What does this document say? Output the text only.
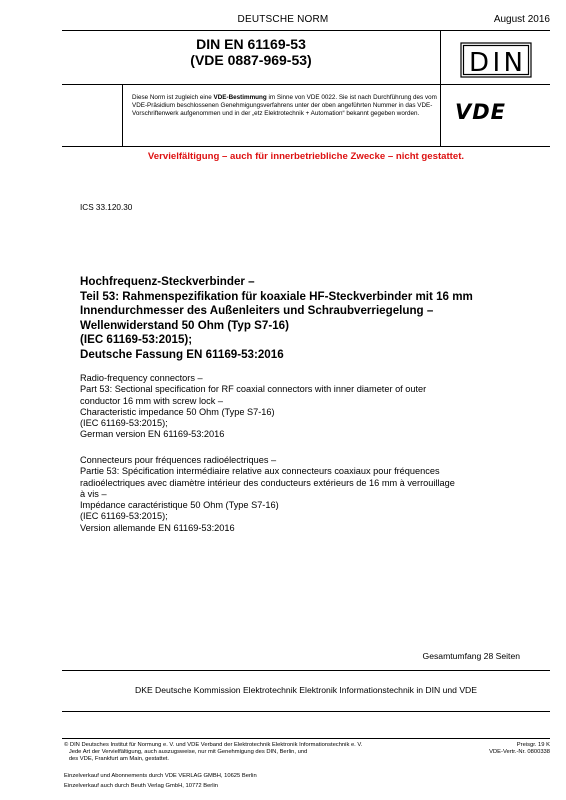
DEUTSCHE NORM	August 2016
DIN EN 61169-53
(VDE 0887-969-53)	DIN
Diese Norm ist zugleich eine VDE-Bestimmung im Sinne von VDE 0022. Sie ist nach Durchführung des vom VDE-Präsidium beschlossenen Genehmigungsverfahrens unter der oben angeführten Nummer in das VDE-Vorschriftenwerk aufgenommen und in der „etz Elektrotechnik + Automation“ bekannt gegeben worden.	VDE
Vervielfältigung – auch für innerbetriebliche Zwecke – nicht gestattet.
ICS 33.120.30
Hochfrequenz-Steckverbinder –
Teil 53: Rahmenspezifikation für koaxiale HF-Steckverbinder mit 16 mm
Innendurchmesser des Außenleiters und Schraubverriegelung –
Wellenwiderstand 50 Ohm (Typ S7-16)
(IEC 61169-53:2015);
Deutsche Fassung EN 61169-53:2016
Radio-frequency connectors –
Part 53: Sectional specification for RF coaxial connectors with inner diameter of outer
conductor 16 mm with screw lock –
Characteristic impedance 50 Ohm (Type S7-16)
(IEC 61169-53:2015);
German version EN 61169-53:2016
Connecteurs pour fréquences radioélectriques –
Partie 53: Spécification intermédiaire relative aux connecteurs coaxiaux pour fréquences
radioélectriques avec diamètre intérieur des conducteurs extérieurs de 16 mm à verrouillage
à vis –
Impédance caractéristique 50 Ohm (Type S7-16)
(IEC 61169-53:2015);
Version allemande EN 61169-53:2016
Gesamtumfang 28 Seiten
DKE Deutsche Kommission Elektrotechnik Elektronik Informationstechnik in DIN und VDE
© DIN Deutsches Institut für Normung e. V. und VDE Verband der Elektrotechnik Elektronik Informationstechnik e. V.
Jede Art der Vervielfältigung, auch auszugsweise, nur mit Genehmigung des DIN, Berlin, und
des VDE, Frankfurt am Main, gestattet.
Preisgr. 19 K
VDE-Vertr.-Nr. 0800338
Einzelverkauf und Abonnements durch VDE VERLAG GMBH, 10625 Berlin
Einzelverkauf auch durch Beuth Verlag GmbH, 10772 Berlin
